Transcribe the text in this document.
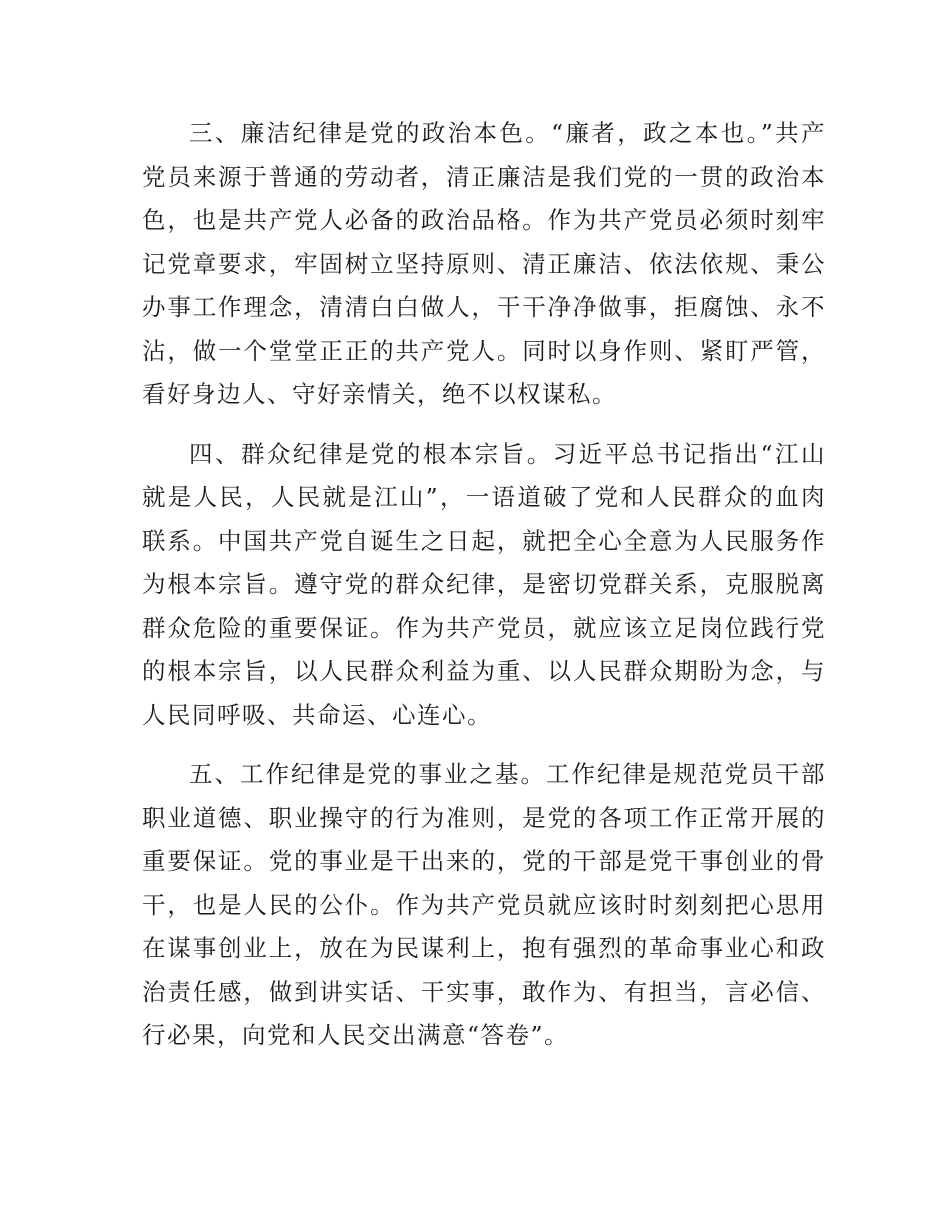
三、廉洁纪律是党的政治本色。“廉者，政之本也。”共产党员来源于普通的劳动者，清正廉洁是我们党的一贯的政治本色，也是共产党人必备的政治品格。作为共产党员必须时刻牢记党章要求，牢固树立坚持原则、清正廉洁、依法依规、秉公办事工作理念，清清白白做人，干干净净做事，拒腐蚀、永不沾，做一个堂堂正正的共产党人。同时以身作则、紧盯严管，看好身边人、守好亲情关，绝不以权谋私。

四、群众纪律是党的根本宗旨。习近平总书记指出“江山就是人民，人民就是江山”，一语道破了党和人民群众的血肉联系。中国共产党自诞生之日起，就把全心全意为人民服务作为根本宗旨。遵守党的群众纪律，是密切党群关系，克服脱离群众危险的重要保证。作为共产党员，就应该立足岗位践行党的根本宗旨，以人民群众利益为重、以人民群众期盼为念，与人民同呼吸、共命运、心连心。

五、工作纪律是党的事业之基。工作纪律是规范党员干部职业道德、职业操守的行为准则，是党的各项工作正常开展的重要保证。党的事业是干出来的，党的干部是党干事创业的骨干，也是人民的公仆。作为共产党员就应该时时刻刻把心思用在谋事创业上，放在为民谋利上，抱有强烈的革命事业心和政治责任感，做到讲实话、干实事，敢作为、有担当，言必信、行必果，向党和人民交出满意“答卷”。
